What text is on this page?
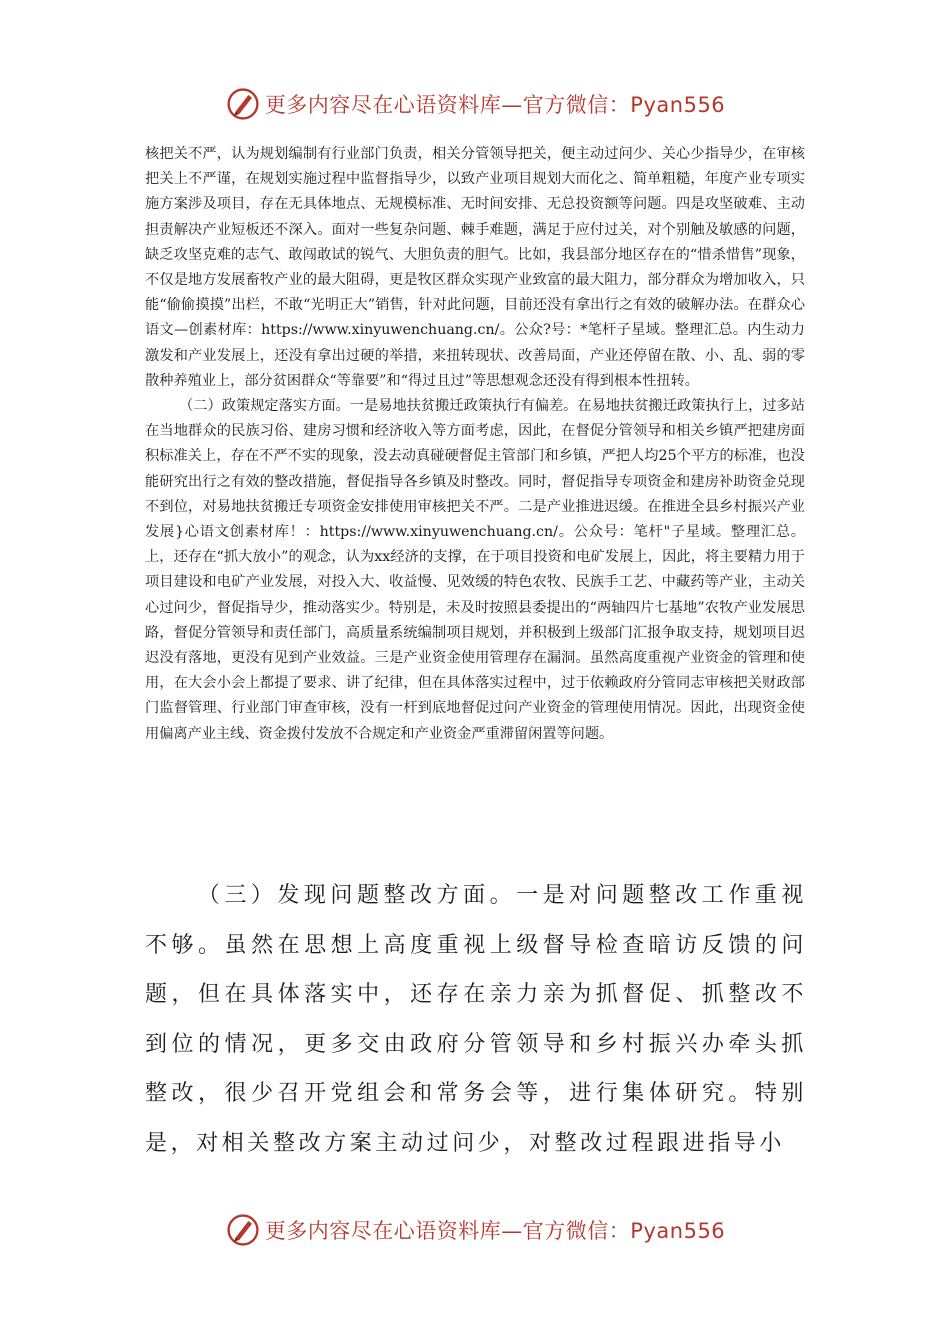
更多内容尽在心语资料库—官方微信：Pyan556

核把关不严，认为规划编制有行业部门负责，相关分管领导把关，便主动过问少、关心少指导少，在审核把关上不严谨，在规划实施过程中监督指导少，以致产业项目规划大而化之、简单粗糙，年度产业专项实施方案涉及项目，存在无具体地点、无规模标准、无时间安排、无总投资额等问题。四是攻坚破难、主动担责解决产业短板还不深入。面对一些复杂问题、棘手难题，满足于应付过关，对个别触及敏感的问题，缺乏攻坚克难的志气、敢闯敢试的锐气、大胆负责的胆气。比如，我县部分地区存在的“惜杀惜售”现象，不仅是地方发展畜牧产业的最大阻碍，更是牧区群众实现产业致富的最大阻力，部分群众为增加收入，只能“偷偷摸摸”出栏，不敢“光明正大”销售，针对此问题，目前还没有拿出行之有效的破解办法。在群众心语文—创素材库：https://www.xinyuwenchuang.cn/。公众?号：*笔杆子星域。整理汇总。内生动力激发和产业发展上，还没有拿出过硬的举措，来扭转现状、改善局面，产业还停留在散、小、乱、弱的零散种养殖业上，部分贫困群众“等靠要”和“得过且过”等思想观念还没有得到根本性扭转。

（二）政策规定落实方面。一是易地扶贫搬迁政策执行有偏差。在易地扶贫搬迁政策执行上，过多站在当地群众的民族习俗、建房习惯和经济收入等方面考虑，因此，在督促分管领导和相关乡镇严把建房面积标准关上，存在不严不实的现象，没去动真碰硬督促主管部门和乡镇，严把人均25个平方的标准，也没能研究出行之有效的整改措施，督促指导各乡镇及时整改。同时，督促指导专项资金和建房补助资金兑现不到位，对易地扶贫搬迁专项资金安排使用审核把关不严。二是产业推进迟缓。在推进全县乡村振兴产业发展}心语文创素材库！：https://www.xinyuwenchuang.cn/。公众号：笔杆"子星域。整理汇总。上，还存在“抓大放小”的观念，认为xx经济的支撑，在于项目投资和电矿发展上，因此，将主要精力用于项目建设和电矿产业发展，对投入大、收益慢、见效缓的特色农牧、民族手工艺、中藏药等产业，主动关心过问少，督促指导少，推动落实少。特别是，未及时按照县委提出的“两轴四片七基地”农牧产业发展思路，督促分管领导和责任部门，高质量系统编制项目规划，并积极到上级部门汇报争取支持，规划项目迟迟没有落地，更没有见到产业效益。三是产业资金使用管理存在漏洞。虽然高度重视产业资金的管理和使用，在大会小会上都提了要求、讲了纪律，但在具体落实过程中，过于依赖政府分管同志审核把关财政部门监督管理、行业部门审查审核，没有一杆到底地督促过问产业资金的管理使用情况。因此，出现资金使用偏离产业主线、资金拨付发放不合规定和产业资金严重滞留闲置等问题。

（三）发现问题整改方面。一是对问题整改工作重视不够。虽然在思想上高度重视上级督导检查暗访反馈的问题，但在具体落实中，还存在亲力亲为抓督促、抓整改不到位的情况，更多交由政府分管领导和乡村振兴办牵头抓整改，很少召开党组会和常务会等，进行集体研究。特别是，对相关整改方案主动过问少，对整改过程跟进指导小

更多内容尽在心语资料库—官方微信：Pyan556
